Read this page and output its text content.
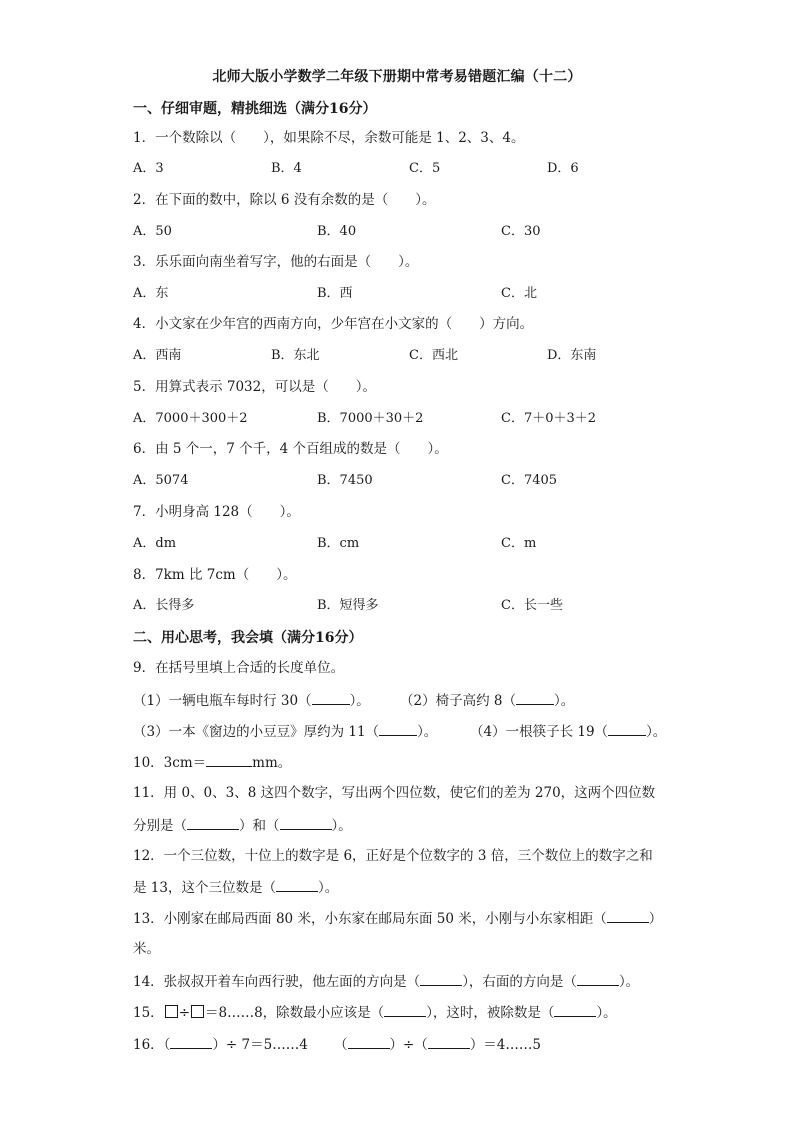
北师大版小学数学二年级下册期中常考易错题汇编（十二）
一、仔细审题，精挑细选（满分16分）
1．一个数除以（　　），如果除不尽，余数可能是 1、2、3、4。
A．3	B．4	C．5	D．6
2．在下面的数中，除以 6 没有余数的是（　　）。
A．50	B．40	C．30
3．乐乐面向南坐着写字，他的右面是（　　）。
A．东	B．西	C．北
4．小文家在少年宫的西南方向，少年宫在小文家的（　　）方向。
A．西南	B．东北	C．西北	D．东南
5．用算式表示 7032，可以是（　　）。
A．7000＋300＋2	B．7000＋30＋2	C．7＋0＋3＋2
6．由 5 个一，7 个千，4 个百组成的数是（　　）。
A．5074	B．7450	C．7405
7．小明身高 128（　　）。
A．dm	B．cm	C．m
8．7km 比 7cm（　　）。
A．长得多	B．短得多	C．长一些
二、用心思考，我会填（满分16分）
9．在括号里填上合适的长度单位。
（1）一辆电瓶车每时行 30（	）。 （2）椅子高约 8（	）。
（3）一本《窗边的小豆豆》厚约为 11（	）。 （4）一根筷子长 19（	）。
10．3cm＝	mm。
11．用 0、0、3、8 这四个数字，写出两个四位数，使它们的差为 270，这两个四位数
分别是（	）和（	）。
12．一个三位数，十位上的数字是 6，正好是个位数字的 3 倍，三个数位上的数字之和
是 13，这个三位数是（	）。
13．小刚家在邮局西面 80 米，小东家在邮局东面 50 米，小刚与小东家相距（	）
米。
14．张叔叔开着车向西行驶，他左面的方向是（	），右面的方向是（	）。
15． ÷ ＝8……8，除数最小应该是（	），这时，被除数是（	）。
16．（	）÷ 7＝5……4 （	）÷（	）＝4……5
